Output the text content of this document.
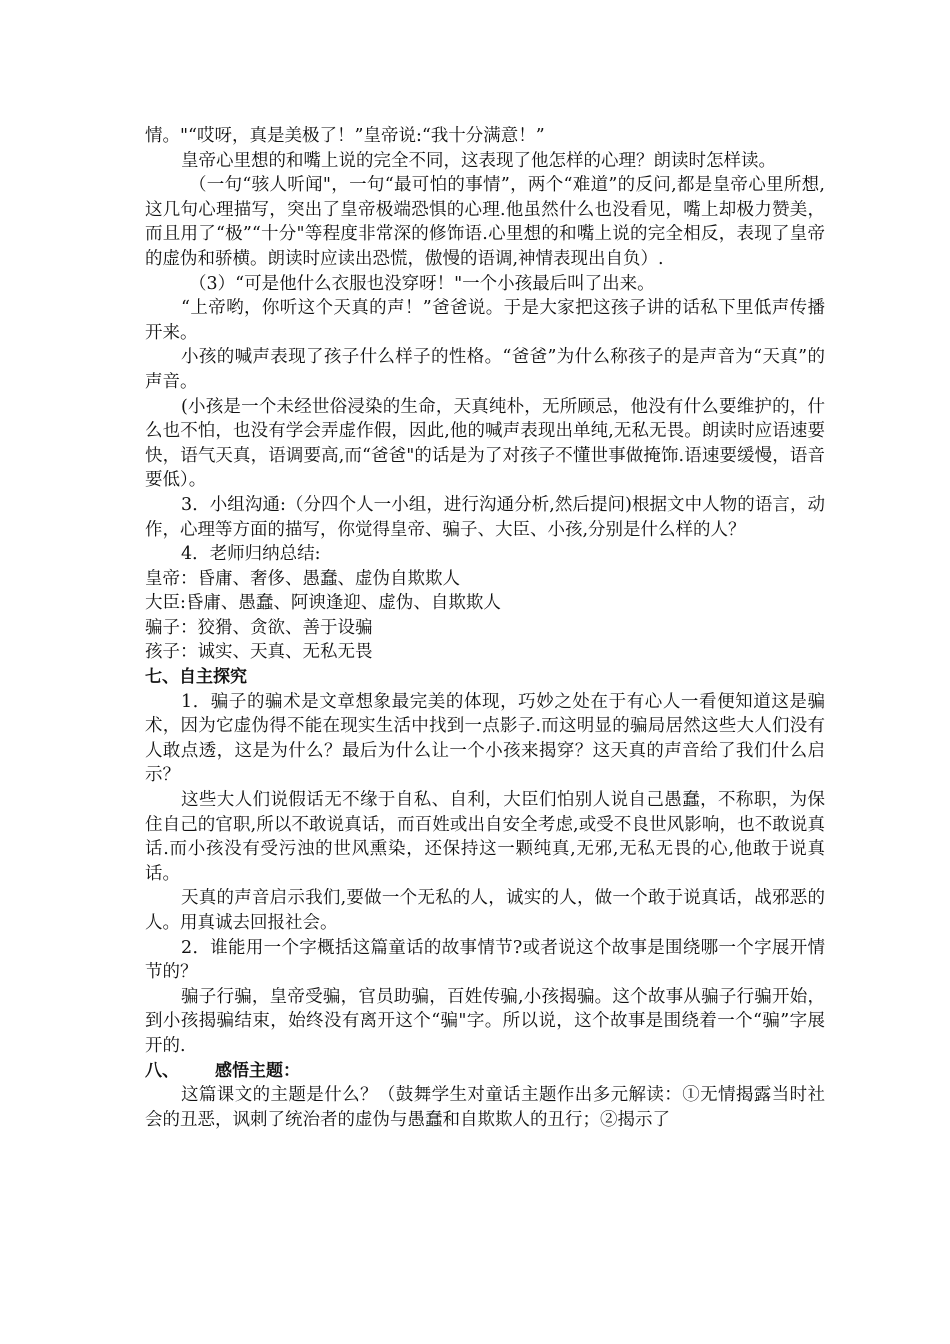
情。"“哎呀，真是美极了！”皇帝说:“我十分满意！”

皇帝心里想的和嘴上说的完全不同，这表现了他怎样的心理？朗读时怎样读。

（一句“骇人听闻"，一句“最可怕的事情”，两个“难道”的反问,都是皇帝心里所想,这几句心理描写，突出了皇帝极端恐惧的心理.他虽然什么也没看见，嘴上却极力赞美，而且用了“极”“十分"等程度非常深的修饰语.心里想的和嘴上说的完全相反，表现了皇帝的虚伪和骄横。朗读时应读出恐慌，傲慢的语调,神情表现出自负）.

（3）“可是他什么衣服也没穿呀！"一个小孩最后叫了出来。

“上帝哟，你听这个天真的声！”爸爸说。于是大家把这孩子讲的话私下里低声传播开来。

小孩的喊声表现了孩子什么样子的性格。“爸爸”为什么称孩子的是声音为“天真”的声音。

(小孩是一个未经世俗浸染的生命，天真纯朴，无所顾忌，他没有什么要维护的，什么也不怕，也没有学会弄虚作假，因此,他的喊声表现出单纯,无私无畏。朗读时应语速要快，语气天真，语调要高,而“爸爸"的话是为了对孩子不懂世事做掩饰.语速要缓慢，语音要低）。

3．小组沟通:（分四个人一小组，进行沟通分析,然后提问)根据文中人物的语言，动作，心理等方面的描写，你觉得皇帝、骗子、大臣、小孩,分别是什么样的人？

4．老师归纳总结:

皇帝：昏庸、奢侈、愚蠢、虚伪自欺欺人

大臣:昏庸、愚蠢、阿谀逢迎、虚伪、自欺欺人

骗子：狡猾、贪欲、善于设骗

孩子：诚实、天真、无私无畏

七、自主探究

1．骗子的骗术是文章想象最完美的体现，巧妙之处在于有心人一看便知道这是骗术，因为它虚伪得不能在现实生活中找到一点影子.而这明显的骗局居然这些大人们没有人敢点透，这是为什么？最后为什么让一个小孩来揭穿？这天真的声音给了我们什么启示？

这些大人们说假话无不缘于自私、自利，大臣们怕别人说自己愚蠢，不称职，为保住自己的官职,所以不敢说真话，而百姓或出自安全考虑,或受不良世风影响，也不敢说真话.而小孩没有受污浊的世风熏染，还保持这一颗纯真,无邪,无私无畏的心,他敢于说真话。

天真的声音启示我们,要做一个无私的人，诚实的人，做一个敢于说真话，战邪恶的人。用真诚去回报社会。

2．谁能用一个字概括这篇童话的故事情节?或者说这个故事是围绕哪一个字展开情节的？

骗子行骗，皇帝受骗，官员助骗，百姓传骗,小孩揭骗。这个故事从骗子行骗开始，到小孩揭骗结束，始终没有离开这个“骗"字。所以说，这个故事是围绕着一个“骗”字展开的.

八、 感悟主题：

这篇课文的主题是什么？（鼓舞学生对童话主题作出多元解读：①无情揭露当时社会的丑恶，讽刺了统治者的虚伪与愚蠢和自欺欺人的丑行；②揭示了
